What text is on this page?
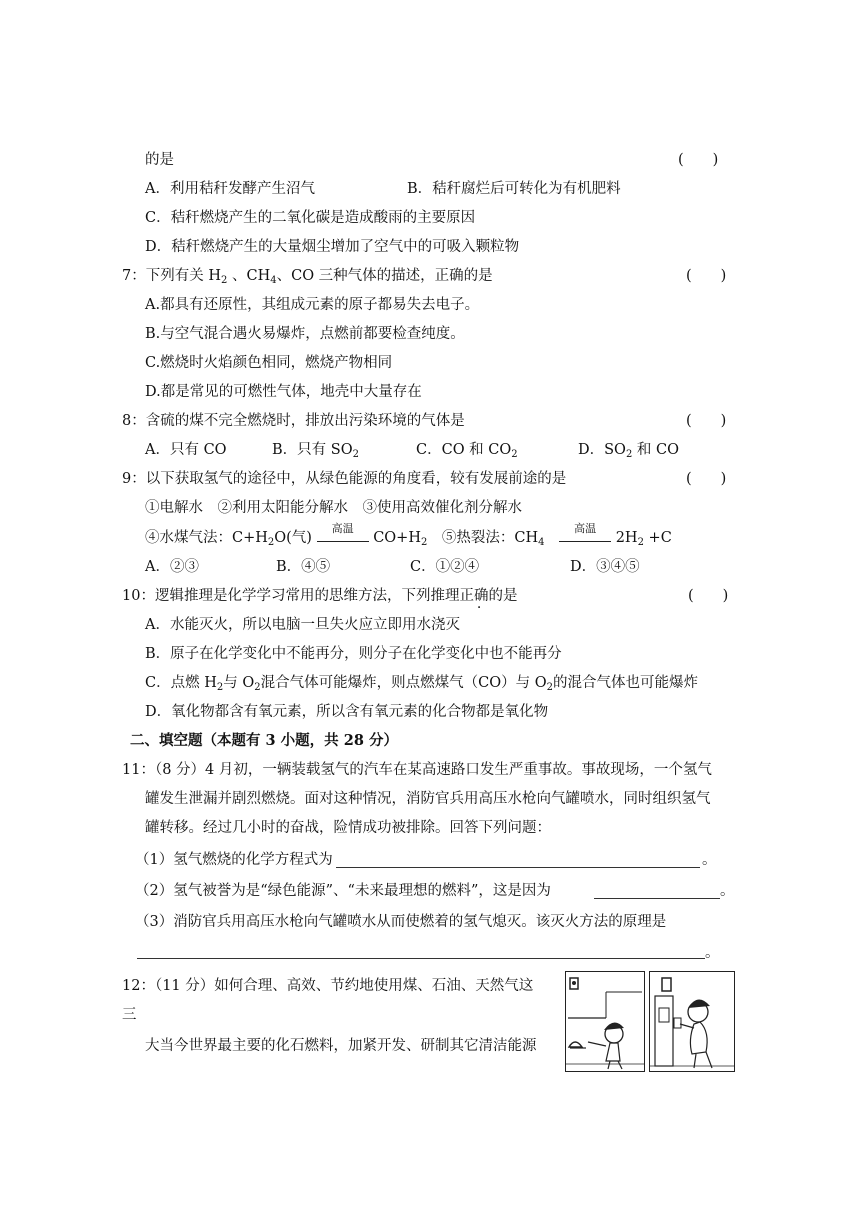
的是	(　　)
A．利用秸秆发酵产生沼气	B．秸秆腐烂后可转化为有机肥料
C．秸秆燃烧产生的二氧化碳是造成酸雨的主要原因
D．秸秆燃烧产生的大量烟尘增加了空气中的可吸入颗粒物
7：下列有关 $H_2$ 、$CH_4$、CO 三种气体的描述，正确的是	(　　)
A.都具有还原性，其组成元素的原子都易失去电子。
B.与空气混合遇火易爆炸，点燃前都要检查纯度。
C.燃烧时火焰颜色相同，燃烧产物相同
D.都是常见的可燃性气体，地壳中大量存在
8：含硫的煤不完全燃烧时，排放出污染环境的气体是	(　　)
A．只有 CO	B．只有 $SO_2$	C．CO 和 $CO_2$	D．$SO_2$ 和 CO
9：以下获取氢气的途径中，从绿色能源的角度看，较有发展前途的是	(　　)
①电解水　②利用太阳能分解水　③使用高效催化剂分解水
④水煤气法：$C+H_2O$(气)
高温
$CO+H_2$　⑤热裂法：$CH_4$
高温
$2H_2 +C$
A．②③	B．④⑤	C．①②④	D．③④⑤
10：逻辑推理是化学学习常用的思维方法，下列推理正确的是	(　　)
A．水能灭火，所以电脑一旦失火应立即用水浇灭
B．原子在化学变化中不能再分，则分子在化学变化中也不能再分
C．点燃 $H_2$与 $O_2$混合气体可能爆炸，则点燃煤气（CO）与 $O_2$的混合气体也可能爆炸
D．氧化物都含有氧元素，所以含有氧元素的化合物都是氧化物
二、填空题（本题有 3 小题，共 28 分）
11：（8 分）4 月初，一辆装载氢气的汽车在某高速路口发生严重事故。事故现场，一个氢气
罐发生泄漏并剧烈燃烧。面对这种情况，消防官兵用高压水枪向气罐喷水，同时组织氢气
罐转移。经过几小时的奋战，险情成功被排除。回答下列问题：
（1）氢气燃烧的化学方程式为	。
（2）氢气被誉为是“绿色能源”、“未来最理想的燃料”，这是因为	。
（3）消防官兵用高压水枪向气罐喷水从而使燃着的氢气熄灭。该灭火方法的原理是
。
12：（11 分）如何合理、高效、节约地使用煤、石油、天然气这
三
大当今世界最主要的化石燃料，加紧开发、研制其它清洁能源
